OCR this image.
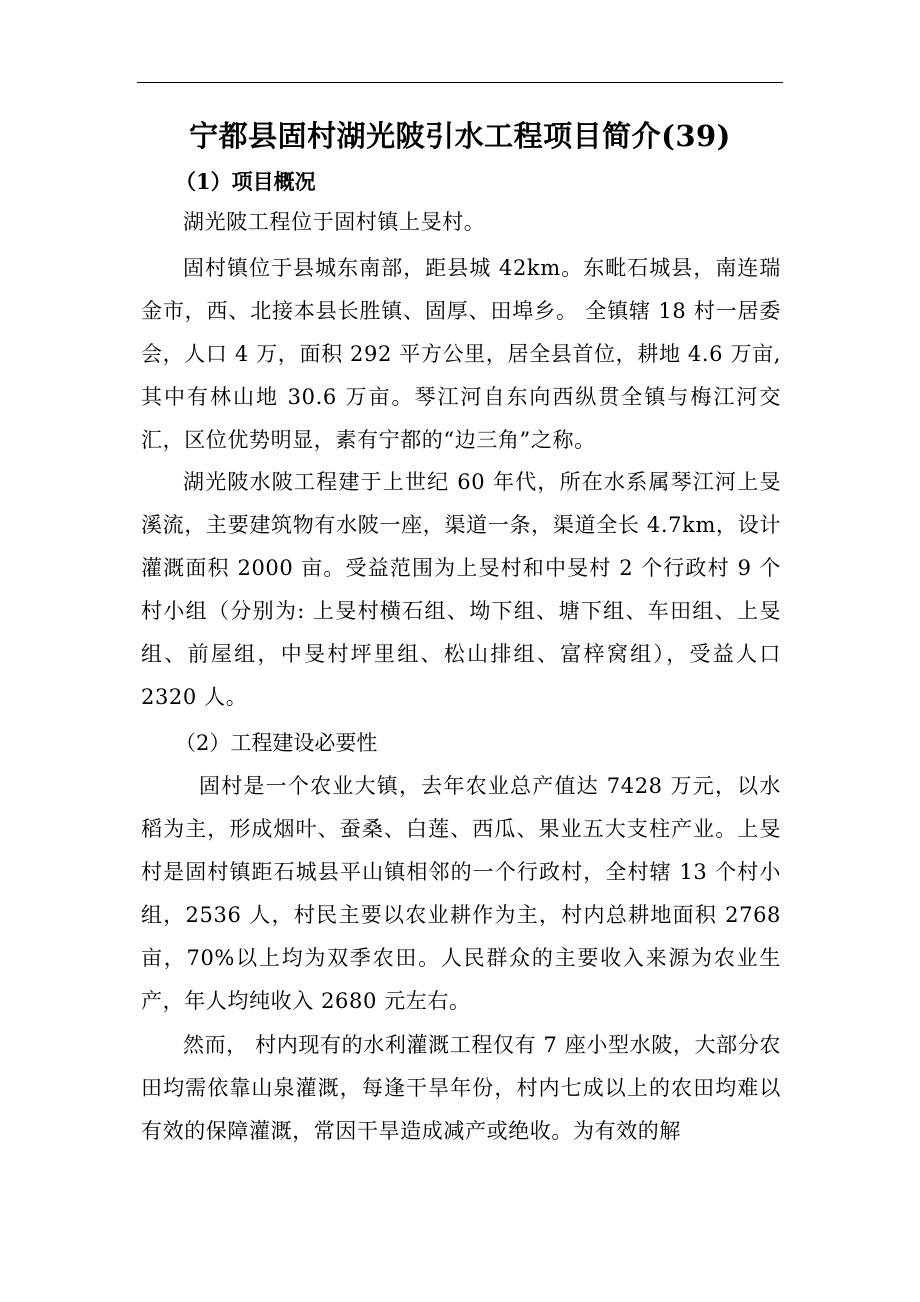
宁都县固村湖光陂引水工程项目简介(39)
（1）项目概况

湖光陂工程位于固村镇上旻村。

固村镇位于县城东南部，距县城 42km。东毗石城县，南连瑞金市，西、北接本县长胜镇、固厚、田埠乡。 全镇辖 18 村一居委会，人口 4 万，面积 292 平方公里，居全县首位，耕地 4.6 万亩,其中有林山地 30.6 万亩。琴江河自东向西纵贯全镇与梅江河交汇，区位优势明显，素有宁都的“边三角”之称。

湖光陂水陂工程建于上世纪 60 年代，所在水系属琴江河上旻溪流，主要建筑物有水陂一座，渠道一条，渠道全长 4.7km，设计灌溉面积 2000 亩。受益范围为上旻村和中旻村 2 个行政村 9 个村小组（分别为: 上旻村横石组、坳下组、塘下组、车田组、上旻组、前屋组，中旻村坪里组、松山排组、富梓窝组），受益人口 2320 人。

（2）工程建设必要性

固村是一个农业大镇，去年农业总产值达 7428 万元，以水稻为主，形成烟叶、蚕桑、白莲、西瓜、果业五大支柱产业。上旻村是固村镇距石城县平山镇相邻的一个行政村，全村辖 13 个村小组，2536 人，村民主要以农业耕作为主，村内总耕地面积 2768 亩，70%以上均为双季农田。人民群众的主要收入来源为农业生产，年人均纯收入 2680 元左右。

然而， 村内现有的水利灌溉工程仅有 7 座小型水陂，大部分农田均需依靠山泉灌溉，每逢干旱年份，村内七成以上的农田均难以有效的保障灌溉，常因干旱造成减产或绝收。为有效的解
